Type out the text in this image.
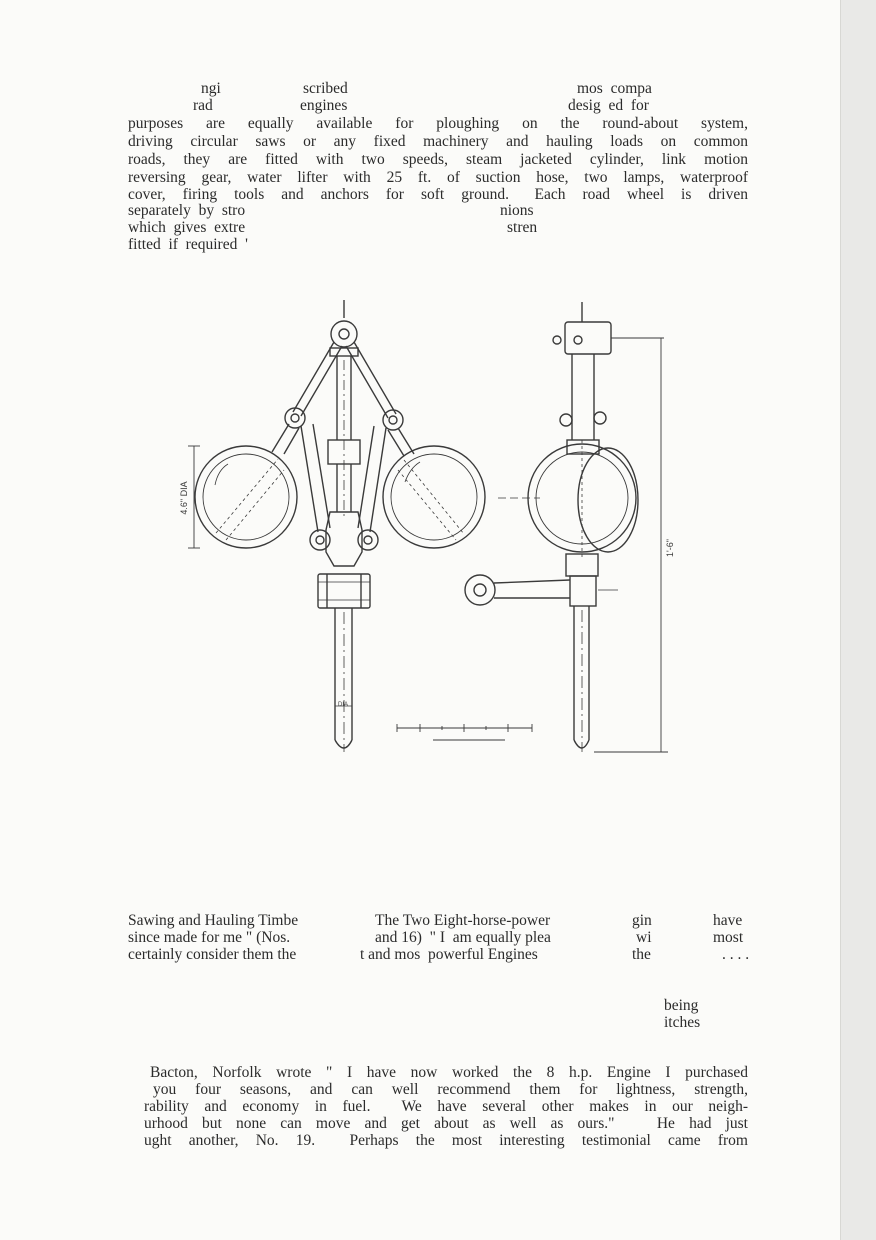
ngi	scribed	mos  compa
rad	engines	desig  ed  for
purposes  are  equally  available  for  ploughing  on  the  round-about  system,
driving  circular  saws  or  any  fixed  machinery  and  hauling  loads  on  common
roads,  they  are  fitted  with  two  speeds,  steam  jacketed  cylinder,  link  motion
reversing  gear,  water  lifter  with  25  ft.  of  suction  hose,  two  lamps,  waterproof
cover,  firing  tools  and  anchors  for  soft  ground.   Each  road  wheel  is  driven
separately  by  stro	nions
which  gives  extre	stren
fitted  if  required  '
4.6" DIA
1'-6"
DIA
Sawing and Hauling Timbe
since made for me " (Nos.
certainly consider them the
The Two Eight-horse-power
and 16)  " I  am equally plea
t and mos  powerful Engines
gin
wi
the
have
most
. . . .
being
itches
Bacton, Norfolk wrote " I have now worked the 8 h.p. Engine I purchased
you four seasons, and can well recommend them for lightness, strength,
rability and economy in fuel.  We have several other makes in our neigh-
urhood but none can move and get about as well as ours."   He had just
ught another, No. 19.  Perhaps the most interesting testimonial came from
